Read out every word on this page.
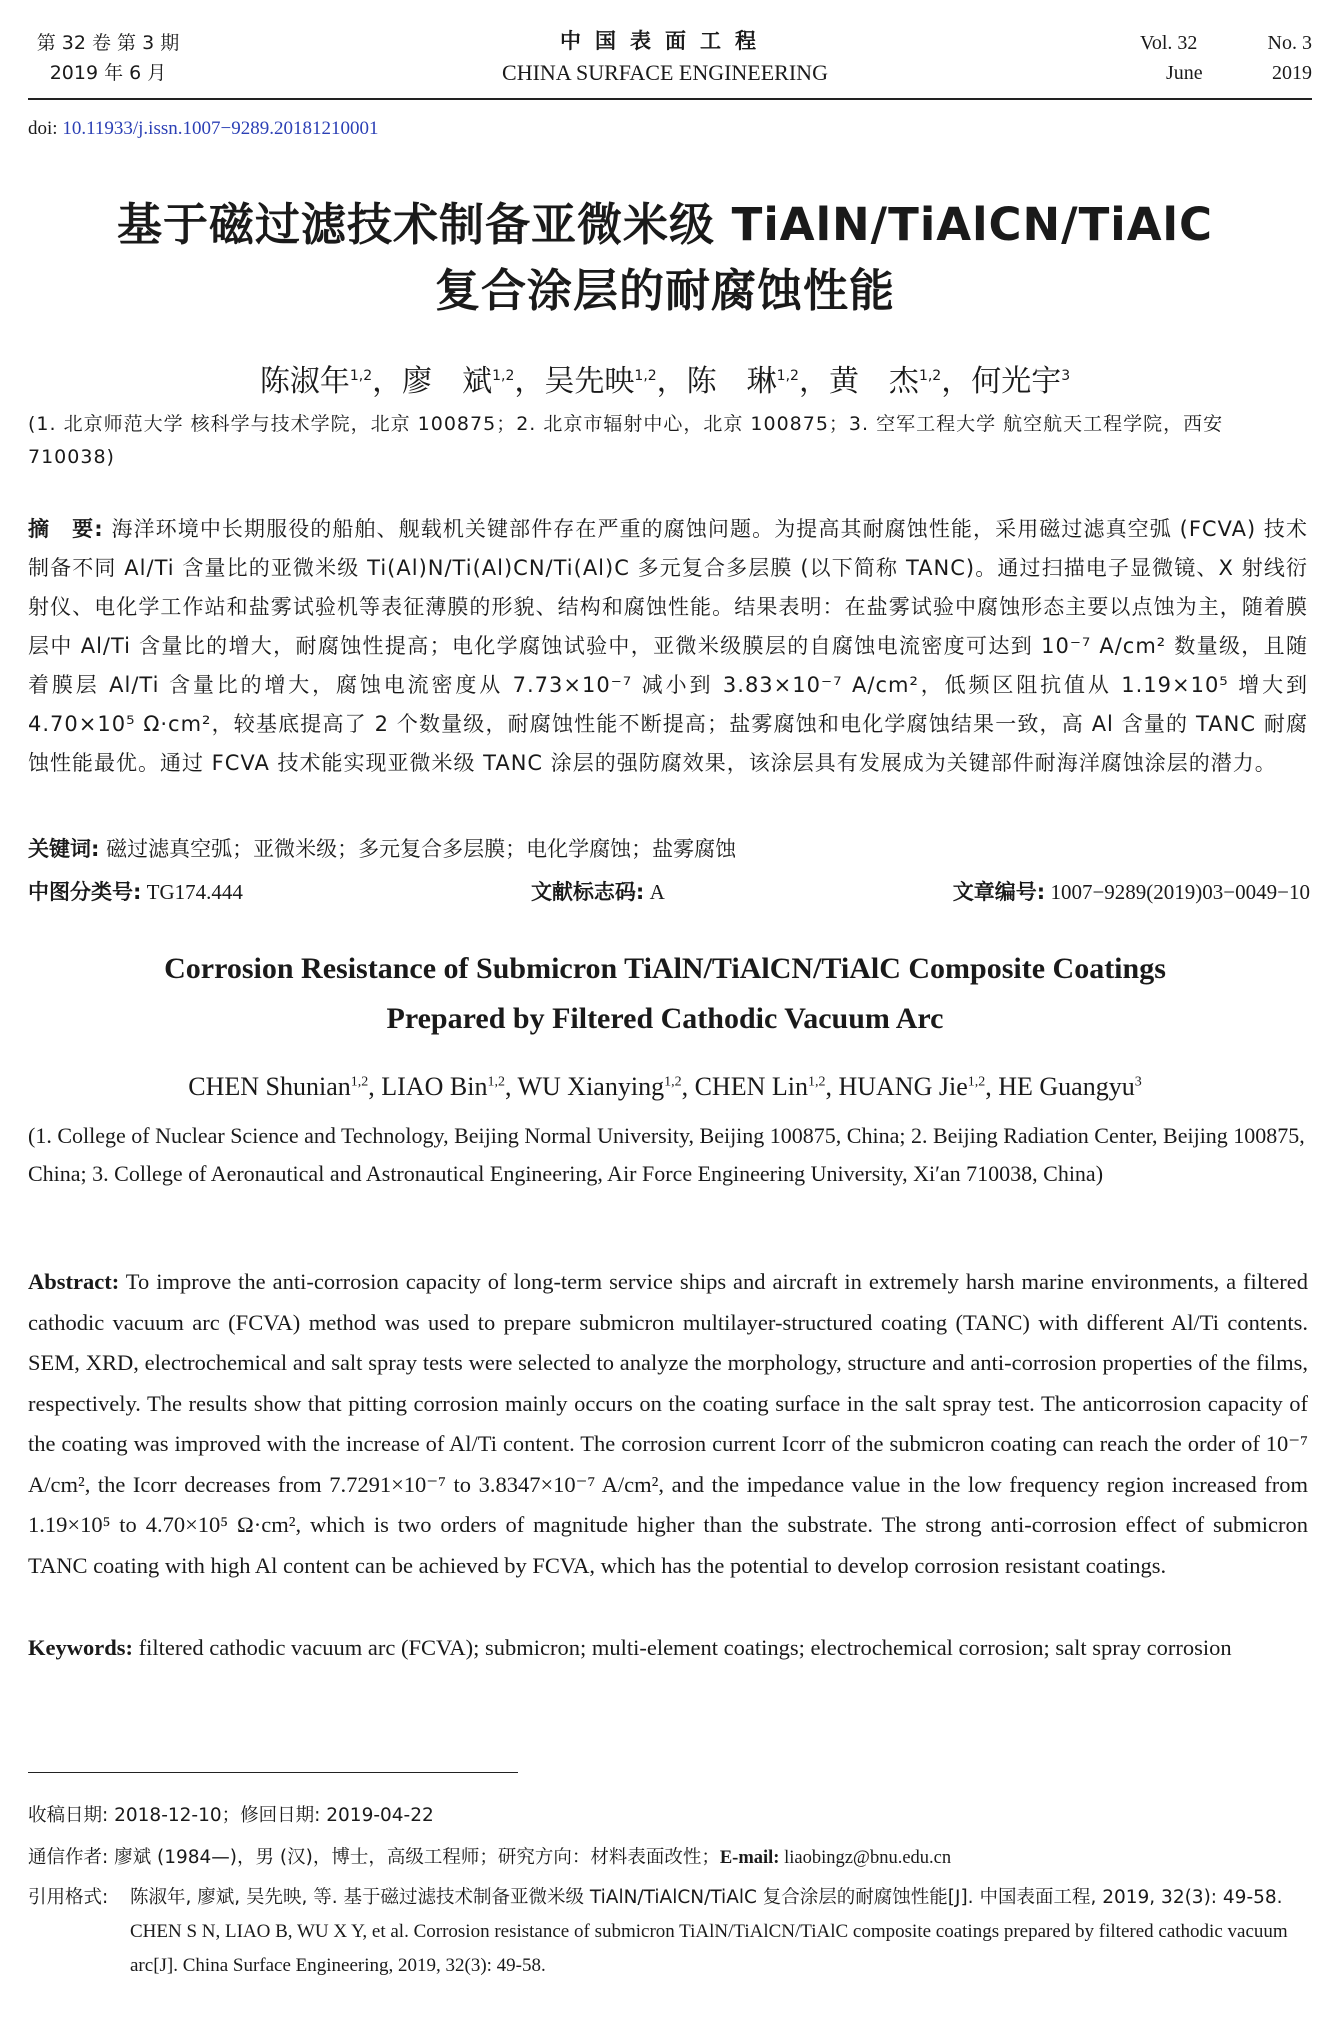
第 32 卷 第 3 期
2019 年 6 月
中国表面工程
CHINA SURFACE ENGINEERING
Vol. 32	No. 3
June	2019
doi: 10.11933/j.issn.1007−9289.20181210001
基于磁过滤技术制备亚微米级 TiAlN/TiAlCN/TiAlC
复合涂层的耐腐蚀性能
陈淑年$^{1,2}$，廖　斌$^{1,2}$，吴先映$^{1,2}$，陈　琳$^{1,2}$，黄　杰$^{1,2}$，何光宇$^3$
(1. 北京师范大学 核科学与技术学院，北京 100875；2. 北京市辐射中心，北京 100875；3. 空军工程大学 航空航天工程学院，西安 710038)
摘　要: 海洋环境中长期服役的船舶、舰载机关键部件存在严重的腐蚀问题。为提高其耐腐蚀性能，采用磁过滤真空弧 (FCVA) 技术制备不同 Al/Ti 含量比的亚微米级 Ti(Al)N/Ti(Al)CN/Ti(Al)C 多元复合多层膜 (以下简称 TANC)。通过扫描电子显微镜、X 射线衍射仪、电化学工作站和盐雾试验机等表征薄膜的形貌、结构和腐蚀性能。结果表明：在盐雾试验中腐蚀形态主要以点蚀为主，随着膜层中 Al/Ti 含量比的增大，耐腐蚀性提高；电化学腐蚀试验中，亚微米级膜层的自腐蚀电流密度可达到 10⁻⁷ A/cm² 数量级，且随着膜层 Al/Ti 含量比的增大，腐蚀电流密度从 7.73×10⁻⁷ 减小到 3.83×10⁻⁷ A/cm²，低频区阻抗值从 1.19×10⁵ 增大到 4.70×10⁵ Ω·cm²，较基底提高了 2 个数量级，耐腐蚀性能不断提高；盐雾腐蚀和电化学腐蚀结果一致，高 Al 含量的 TANC 耐腐蚀性能最优。通过 FCVA 技术能实现亚微米级 TANC 涂层的强防腐效果，该涂层具有发展成为关键部件耐海洋腐蚀涂层的潜力。
关键词: 磁过滤真空弧；亚微米级；多元复合多层膜；电化学腐蚀；盐雾腐蚀
中图分类号: TG174.444	文献标志码: A	文章编号: 1007−9289(2019)03−0049−10
Corrosion Resistance of Submicron TiAlN/TiAlCN/TiAlC Composite Coatings
Prepared by Filtered Cathodic Vacuum Arc
CHEN Shunian$^{1,2}$, LIAO Bin$^{1,2}$, WU Xianying$^{1,2}$, CHEN Lin$^{1,2}$, HUANG Jie$^{1,2}$, HE Guangyu$^3$
(1. College of Nuclear Science and Technology, Beijing Normal University, Beijing 100875, China; 2. Beijing Radiation Center, Beijing 100875, China; 3. College of Aeronautical and Astronautical Engineering, Air Force Engineering University, Xi′an 710038, China)
Abstract: To improve the anti-corrosion capacity of long-term service ships and aircraft in extremely harsh marine environments, a filtered cathodic vacuum arc (FCVA) method was used to prepare submicron multilayer-structured coating (TANC) with different Al/Ti contents. SEM, XRD, electrochemical and salt spray tests were selected to analyze the morphology, structure and anti-corrosion properties of the films, respectively. The results show that pitting corrosion mainly occurs on the coating surface in the salt spray test. The anticorrosion capacity of the coating was improved with the increase of Al/Ti content. The corrosion current Icorr of the submicron coating can reach the order of 10⁻⁷ A/cm², the Icorr decreases from 7.7291×10⁻⁷ to 3.8347×10⁻⁷ A/cm², and the impedance value in the low frequency region increased from 1.19×10⁵ to 4.70×10⁵ Ω·cm², which is two orders of magnitude higher than the substrate. The strong anti-corrosion effect of submicron TANC coating with high Al content can be achieved by FCVA, which has the potential to develop corrosion resistant coatings.
Keywords: filtered cathodic vacuum arc (FCVA); submicron; multi-element coatings; electrochemical corrosion; salt spray corrosion
收稿日期: 2018-12-10；修回日期: 2019-04-22
通信作者: 廖斌 (1984—)，男 (汉)，博士，高级工程师；研究方向：材料表面改性；E-mail: liaobingz@bnu.edu.cn
引用格式:	陈淑年, 廖斌, 吴先映, 等. 基于磁过滤技术制备亚微米级 TiAlN/TiAlCN/TiAlC 复合涂层的耐腐蚀性能[J]. 中国表面工程, 2019, 32(3): 49-58.
CHEN S N, LIAO B, WU X Y, et al. Corrosion resistance of submicron TiAlN/TiAlCN/TiAlC composite coatings prepared by filtered cathodic vacuum arc[J]. China Surface Engineering, 2019, 32(3): 49-58.
